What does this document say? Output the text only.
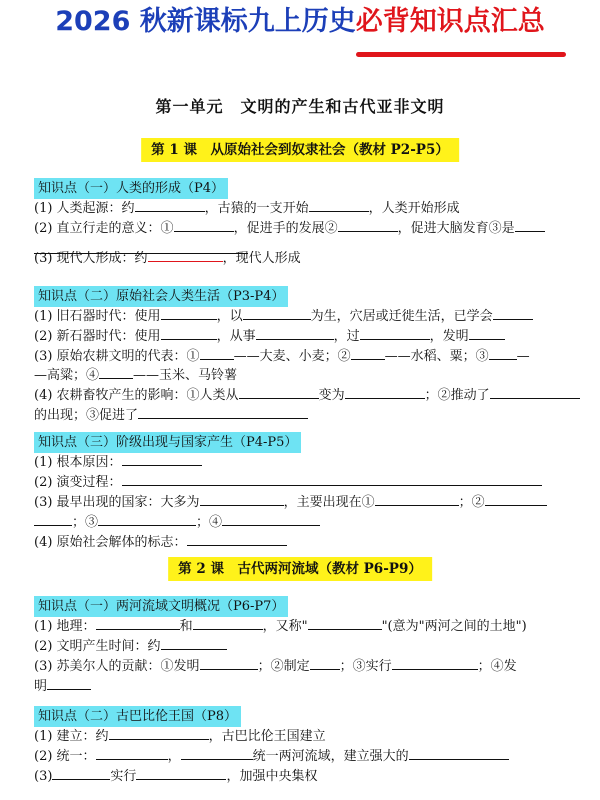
2026 秋新课标九上历史必背知识点汇总
第一单元　文明的产生和古代亚非文明
第 1 课　从原始社会到奴隶社会（教材 P2-P5）
知识点（一）人类的形成（P4）
(1) 人类起源：约	，古猿的一支开始	，人类开始形成
(2) 直立行走的意义：①	，促进手的发展②	，促进大脑发育③是
(3) 现代人形成：约	，现代人形成
知识点（二）原始社会人类生活（P3-P4）
(1) 旧石器时代：使用	，以	为生，穴居或迁徙生活，已学会
(2) 新石器时代：使用	，从事	，过	，发明
(3) 原始农耕文明的代表：①	——大麦、小麦；②	——水稻、粟；③ —
—高粱；④	——玉米、马铃薯
(4) 农耕畜牧产生的影响：①人类从	变为	；②推动了
的出现；③促进了
知识点（三）阶级出现与国家产生（P4-P5）
(1) 根本原因：
(2) 演变过程：
(3) 最早出现的国家：大多为	，主要出现在①	；②
；③	；④
(4) 原始社会解体的标志：
第 2 课　古代两河流域（教材 P6-P9）
知识点（一）两河流域文明概况（P6-P7）
(1) 地理：	和	，又称"	"(意为"两河之间的土地")
(2) 文明产生时间：约
(3) 苏美尔人的贡献：①发明	；②制定 ；③实行	；④发
明
知识点（二）古巴比伦王国（P8）
(1) 建立：约	，古巴比伦王国建立
(2) 统一：	，	统一两河流域，建立强大的
(3)	实行	，加强中央集权
